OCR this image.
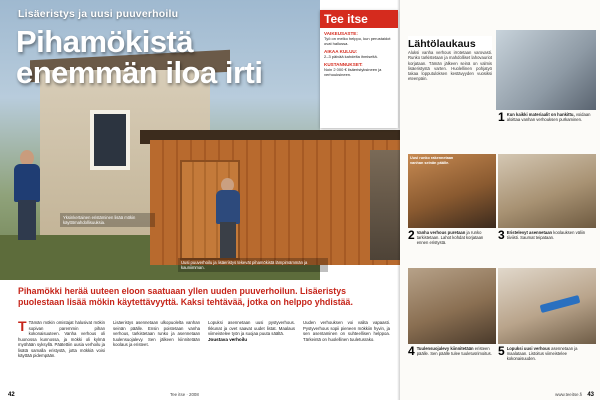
Lisäeristys ja uusi puuverhoilu
Pihamökistä enemmän iloa irti
Yksinkertainen eristäminen lisää mökin käyttömahdollisuuksia.
Uusi puuverhoilu ja lisäeristys tekevät pihamökistä lämpimämmän ja kauniimman.
Tee itse
VAIKEUSASTE:
Työ on melko helppo, kun perustaidot ovat hallussa.
AIKAA KULUU:
2–3 päivää kahdelta ihmiseltä.
KUSTANNUKSET:
Noin 2 000 € lisäeristyksineen ja verhouksineen.
Pihamökki herää uuteen eloon saatuaan yllen uuden puuverhoilun. Lisäeristys puolestaan lisää mökin käytettävyyttä. Kaksi tehtävää, jotka on helppo yhdistää.
T Tämän mökin omistajat halusivat mökin sopivan paremmin pihan kokonaisuuteen. Vanha verhous oli huonossa kunnossa, ja mökki oli kylmä myöhään syksyllä. Päätettiin uusia verhoilu ja lisätä samalla eristystä, jotta mökkiä voisi käyttää pidempään.
Lisäeristys asennetaan ulkopuolelta vanhan seinän päälle. Ensin poistetaan vanha verhous, tarkistetaan runko ja asennetaan tuulensuojalevy. Sen jälkeen kiinnitetään koolaus ja eristeet.
Lopuksi asennetaan uusi pystyverhous. Ikkunat ja ovet saavat uudet listat. Maalaus viimeistelee työn ja suojaa puuta säältä.
Joustava verhoilu
Uuden verhouksen voi valita vapaasti. Pystyverhous sopii pieneen mökkiin hyvin, ja sen asentaminen on suhteellisen helppoa. Tärkeintä on huolellinen tuuletusrako.
42	Tee itse · 2008
Lähtölaukaus
Aluksi vanha verhous irrotetaan varovasti. Runko tarkistetaan ja mahdolliset lahovauriot korjataan. Tämän jälkeen seinä on valmis lisäeristystä varten. Huolellinen pohjatyö takaa lopputuloksen kestävyyden vuosiksi eteenpäin.
Uusi runko rakennetaan vanhan seinän päälle.
1 Kun kaikki materiaalit on hankittu, voidaan aloittaa vanhan verhouksen purkaminen.
2 Vanha verhous puretaan ja runko tarkistetaan. Lahot kohdat korjataan ennen eristystä.
3 Eristelevyt asennetaan koolauksen väliin tiiviisti. Saumat teipataan.
4 Tuulensuojalevy kiinnitetään eristeen päälle. Sen päälle tulee tuuletusrimoitus. 5 Lopuksi uusi verhous asennetaan ja maalataan. Listoitus viimeistelee kokonaisuuden.
www.teeitse.fi 43
